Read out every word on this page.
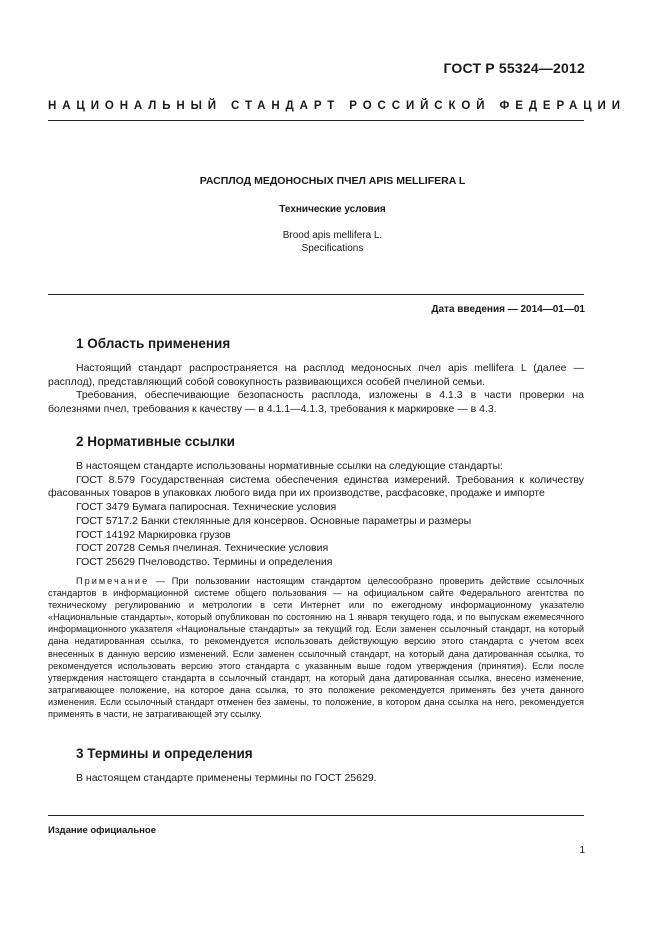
ГОСТ Р 55324—2012
НАЦИОНАЛЬНЫЙ СТАНДАРТ РОССИЙСКОЙ ФЕДЕРАЦИИ
РАСПЛОД МЕДОНОСНЫХ ПЧЕЛ APIS MELLIFERA L
Технические условия
Brood apis mellifera L.
Specifications
Дата введения — 2014—01—01
1 Область применения

Настоящий стандарт распространяется на расплод медоносных пчел apis mellifera L (далее — расплод), представляющий собой совокупность развивающихся особей пчелиной семьи.

Требования, обеспечивающие безопасность расплода, изложены в 4.1.3 в части проверки на болезнями пчел, требования к качеству — в 4.1.1—4.1.3, требования к маркировке — в 4.3.

2 Нормативные ссылки

В настоящем стандарте использованы нормативные ссылки на следующие стандарты:

ГОСТ 8.579 Государственная система обеспечения единства измерений. Требования к количеству фасованных товаров в упаковках любого вида при их производстве, расфасовке, продаже и импорте

ГОСТ 3479 Бумага папиросная. Технические условия

ГОСТ 5717.2 Банки стеклянные для консервов. Основные параметры и размеры

ГОСТ 14192 Маркировка грузов

ГОСТ 20728 Семья пчелиная. Технические условия

ГОСТ 25629 Пчеловодство. Термины и определения

Примечание — При пользовании настоящим стандартом целесообразно проверить действие ссылочных стандартов в информационной системе общего пользования — на официальном сайте Федерального агентства по техническому регулированию и метрологии в сети Интернет или по ежегодному информационному указателю «Национальные стандарты», который опубликован по состоянию на 1 января текущего года, и по выпускам ежемесячного информационного указателя «Национальные стандарты» за текущий год. Если заменен ссылочный стандарт, на который дана недатированная ссылка, то рекомендуется использовать действующую версию этого стандарта с учетом всех внесенных в данную версию изменений. Если заменен ссылочный стандарт, на который дана датированная ссылка, то рекомендуется использовать версию этого стандарта с указанным выше годом утверждения (принятия). Если после утверждения настоящего стандарта в ссылочный стандарт, на который дана датированная ссылка, внесено изменение, затрагивающее положение, на которое дана ссылка, то это положение рекомендуется применять без учета данного изменения. Если ссылочный стандарт отменен без замены, то положение, в котором дана ссылка на него, рекомендуется применять в части, не затрагивающей эту ссылку.

3 Термины и определения

В настоящем стандарте применены термины по ГОСТ 25629.

Издание официальное
1
